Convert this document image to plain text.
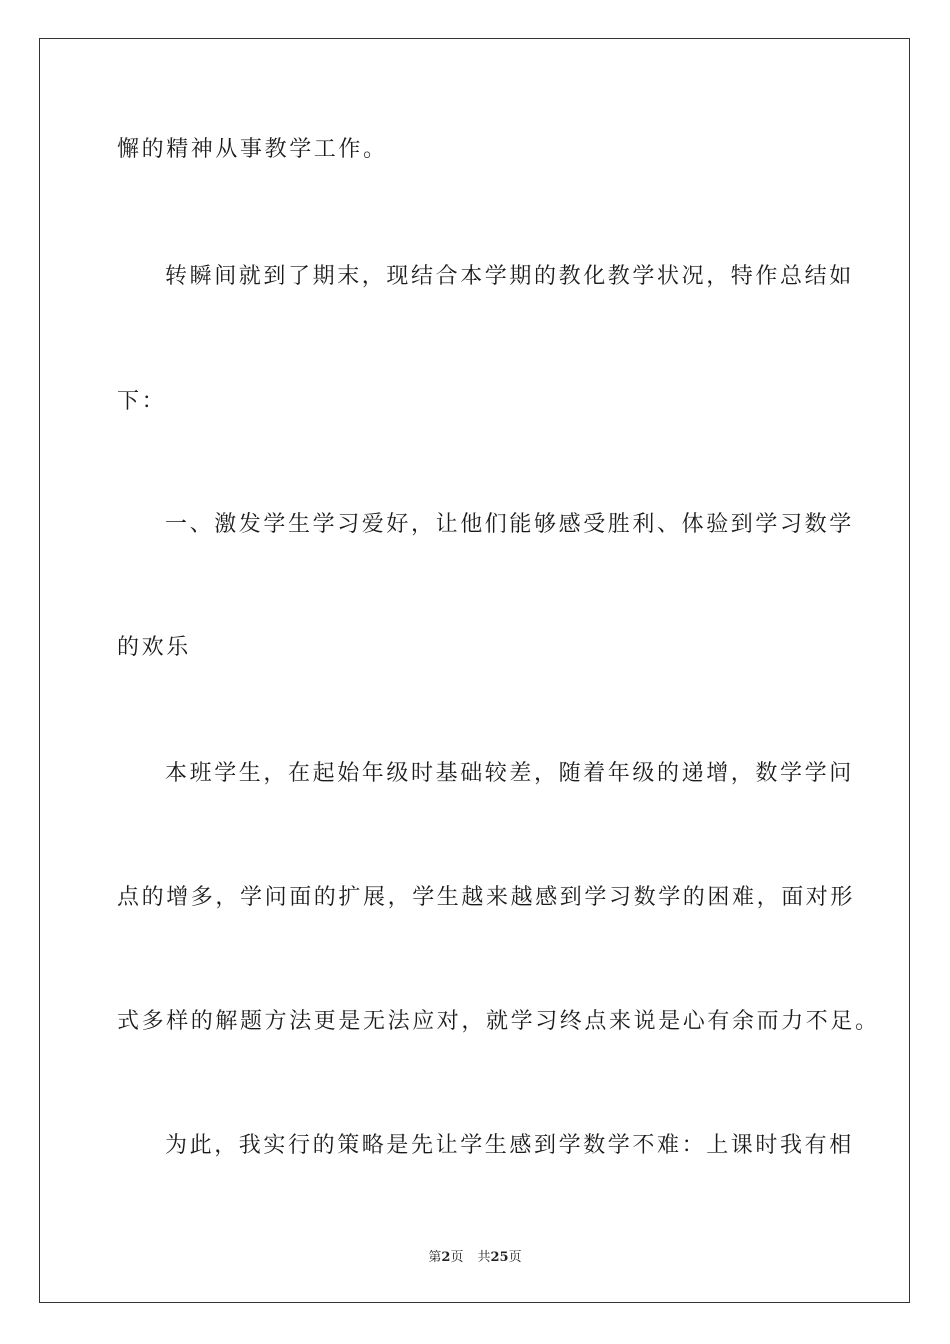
懈的精神从事教学工作。
转瞬间就到了期末，现结合本学期的教化教学状况，特作总结如
下：
一、激发学生学习爱好，让他们能够感受胜利、体验到学习数学
的欢乐
本班学生，在起始年级时基础较差，随着年级的递增，数学学问
点的增多，学问面的扩展，学生越来越感到学习数学的困难，面对形
式多样的解题方法更是无法应对，就学习终点来说是心有余而力不足。
为此，我实行的策略是先让学生感到学数学不难：上课时我有相
第2页 共25页
